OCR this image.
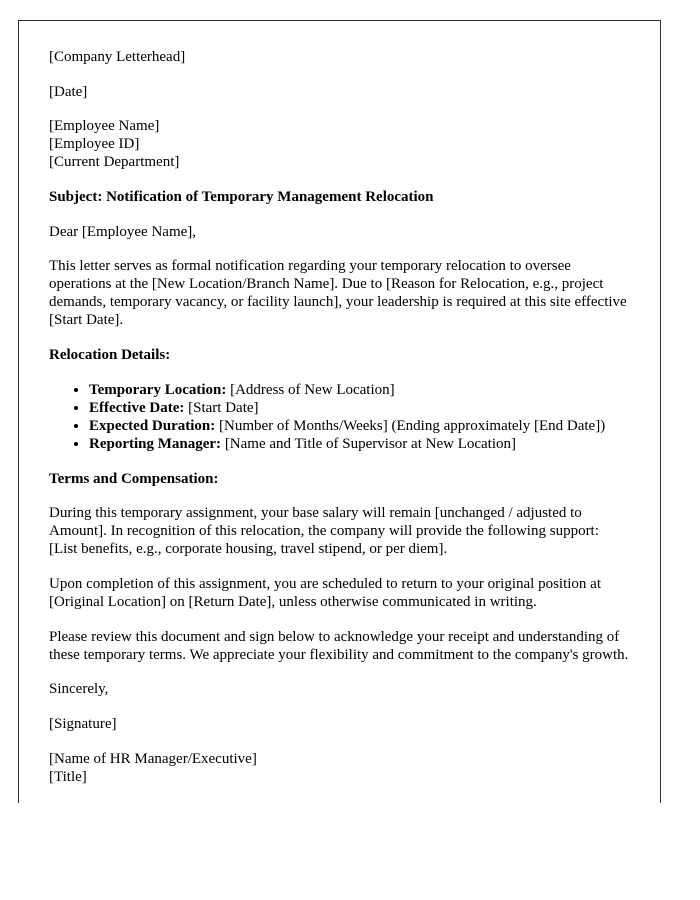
[Company Letterhead]

[Date]

[Employee Name]
[Employee ID]
[Current Department]

Subject: Notification of Temporary Management Relocation

Dear [Employee Name],

This letter serves as formal notification regarding your temporary relocation to oversee operations at the [New Location/Branch Name]. Due to [Reason for Relocation, e.g., project demands, temporary vacancy, or facility launch], your leadership is required at this site effective [Start Date].

Relocation Details:

• Temporary Location: [Address of New Location]
• Effective Date: [Start Date]
• Expected Duration: [Number of Months/Weeks] (Ending approximately [End Date])
• Reporting Manager: [Name and Title of Supervisor at New Location]

Terms and Compensation:

During this temporary assignment, your base salary will remain [unchanged / adjusted to Amount]. In recognition of this relocation, the company will provide the following support: [List benefits, e.g., corporate housing, travel stipend, or per diem].

Upon completion of this assignment, you are scheduled to return to your original position at [Original Location] on [Return Date], unless otherwise communicated in writing.

Please review this document and sign below to acknowledge your receipt and understanding of these temporary terms. We appreciate your flexibility and commitment to the company's growth.

Sincerely,

[Signature]

[Name of HR Manager/Executive]
[Title]
